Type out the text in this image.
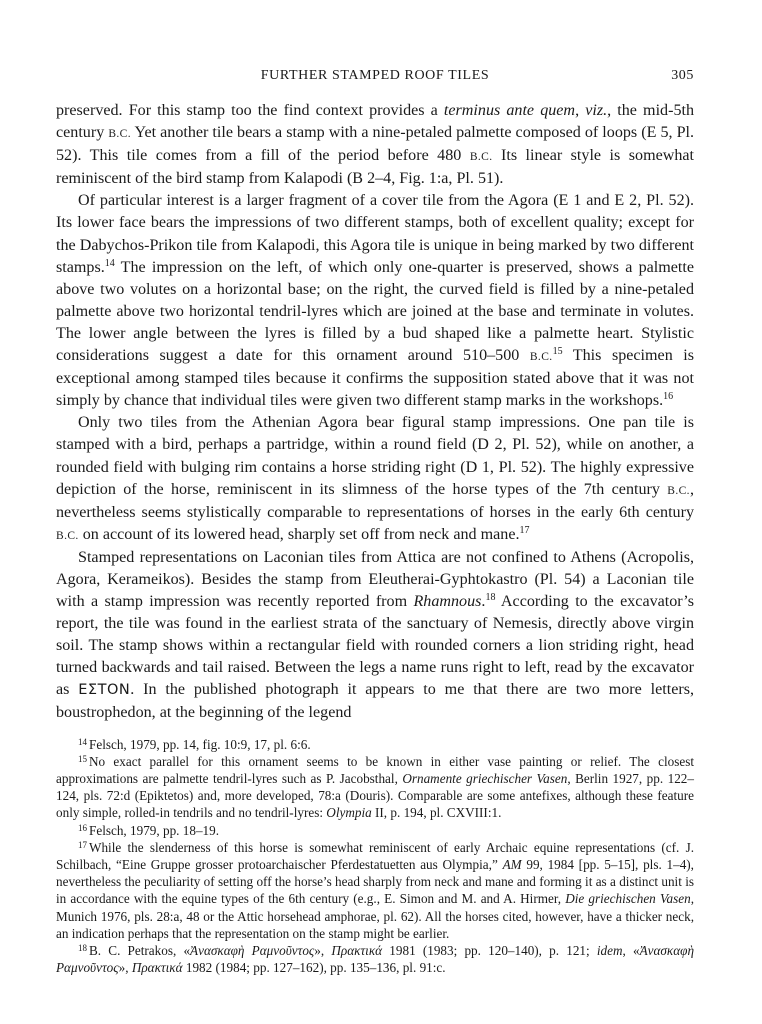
FURTHER STAMPED ROOF TILES	305

preserved. For this stamp too the find context provides a terminus ante quem, viz., the mid-5th century B.C. Yet another tile bears a stamp with a nine-petaled palmette composed of loops (E 5, Pl. 52). This tile comes from a fill of the period before 480 B.C. Its linear style is somewhat reminiscent of the bird stamp from Kalapodi (B 2–4, Fig. 1:a, Pl. 51).

Of particular interest is a larger fragment of a cover tile from the Agora (E 1 and E 2, Pl. 52). Its lower face bears the impressions of two different stamps, both of excellent quality; except for the Dabychos-Prikon tile from Kalapodi, this Agora tile is unique in being marked by two different stamps.$^{14}$ The impression on the left, of which only one-quarter is preserved, shows a palmette above two volutes on a horizontal base; on the right, the curved field is filled by a nine-petaled palmette above two horizontal tendril-lyres which are joined at the base and terminate in volutes. The lower angle between the lyres is filled by a bud shaped like a palmette heart. Stylistic considerations suggest a date for this ornament around 510–500 B.C.$^{15}$ This specimen is exceptional among stamped tiles because it confirms the supposition stated above that it was not simply by chance that individual tiles were given two different stamp marks in the workshops.$^{16}$

Only two tiles from the Athenian Agora bear figural stamp impressions. One pan tile is stamped with a bird, perhaps a partridge, within a round field (D 2, Pl. 52), while on another, a rounded field with bulging rim contains a horse striding right (D 1, Pl. 52). The highly expressive depiction of the horse, reminiscent in its slimness of the horse types of the 7th century B.C., nevertheless seems stylistically comparable to representations of horses in the early 6th century B.C. on account of its lowered head, sharply set off from neck and mane.$^{17}$

Stamped representations on Laconian tiles from Attica are not confined to Athens (Acropolis, Agora, Kerameikos). Besides the stamp from Eleutherai-Gyphtokastro (Pl. 54) a Laconian tile with a stamp impression was recently reported from Rhamnous.$^{18}$ According to the excavator’s report, the tile was found in the earliest strata of the sanctuary of Nemesis, directly above virgin soil. The stamp shows within a rectangular field with rounded corners a lion striding right, head turned backwards and tail raised. Between the legs a name runs right to left, read by the excavator as ΕΣΤΟΝ. In the published photograph it appears to me that there are two more letters, boustrophedon, at the beginning of the legend

$^{14}$ Felsch, 1979, pp. 14, fig. 10:9, 17, pl. 6:6.

$^{15}$ No exact parallel for this ornament seems to be known in either vase painting or relief. The closest approximations are palmette tendril-lyres such as P. Jacobsthal, Ornamente griechischer Vasen, Berlin 1927, pp. 122–124, pls. 72:d (Epiktetos) and, more developed, 78:a (Douris). Comparable are some antefixes, although these feature only simple, rolled-in tendrils and no tendril-lyres: Olympia II, p. 194, pl. CXVIII:1.

$^{16}$ Felsch, 1979, pp. 18–19.

$^{17}$ While the slenderness of this horse is somewhat reminiscent of early Archaic equine representations (cf. J. Schilbach, “Eine Gruppe grosser protoarchaischer Pferdestatuetten aus Olympia,” AM 99, 1984 [pp. 5–15], pls. 1–4), nevertheless the peculiarity of setting off the horse’s head sharply from neck and mane and forming it as a distinct unit is in accordance with the equine types of the 6th century (e.g., E. Simon and M. and A. Hirmer, Die griechischen Vasen, Munich 1976, pls. 28:a, 48 or the Attic horsehead amphorae, pl. 62). All the horses cited, however, have a thicker neck, an indication perhaps that the representation on the stamp might be earlier.

$^{18}$ B. C. Petrakos, «Ἀνασκαφὴ Ραμνοῦντος», Πρακτικά 1981 (1983; pp. 120–140), p. 121; idem, «Ἀνασκαφὴ Ραμνοῦντος», Πρακτικά 1982 (1984; pp. 127–162), pp. 135–136, pl. 91:c.
